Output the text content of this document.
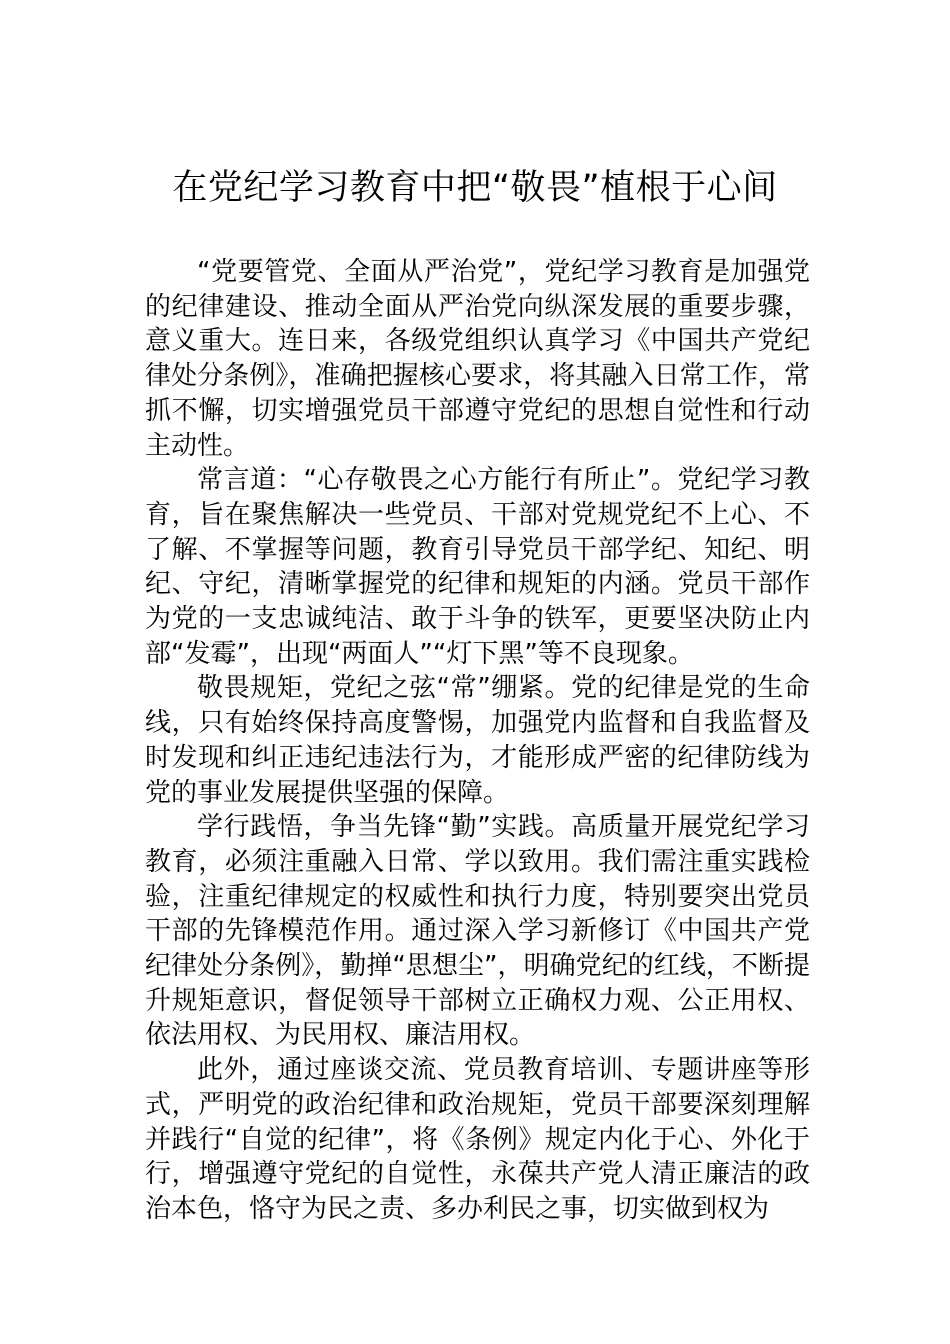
在党纪学习教育中把“敬畏”植根于心间

“党要管党、全面从严治党”，党纪学习教育是加强党的纪律建设、推动全面从严治党向纵深发展的重要步骤，意义重大。连日来，各级党组织认真学习《中国共产党纪律处分条例》，准确把握核心要求，将其融入日常工作，常抓不懈，切实增强党员干部遵守党纪的思想自觉性和行动主动性。

常言道：“心存敬畏之心方能行有所止”。党纪学习教育，旨在聚焦解决一些党员、干部对党规党纪不上心、不了解、不掌握等问题，教育引导党员干部学纪、知纪、明纪、守纪，清晰掌握党的纪律和规矩的内涵。党员干部作为党的一支忠诚纯洁、敢于斗争的铁军，更要坚决防止内部“发霉”，出现“两面人”“灯下黑”等不良现象。

敬畏规矩，党纪之弦“常”绷紧。党的纪律是党的生命线，只有始终保持高度警惕，加强党内监督和自我监督及时发现和纠正违纪违法行为，才能形成严密的纪律防线为党的事业发展提供坚强的保障。

学行践悟，争当先锋“勤”实践。高质量开展党纪学习教育，必须注重融入日常、学以致用。我们需注重实践检验，注重纪律规定的权威性和执行力度，特别要突出党员干部的先锋模范作用。通过深入学习新修订《中国共产党纪律处分条例》，勤掸“思想尘”，明确党纪的红线，不断提升规矩意识，督促领导干部树立正确权力观、公正用权、依法用权、为民用权、廉洁用权。

此外，通过座谈交流、党员教育培训、专题讲座等形式，严明党的政治纪律和政治规矩，党员干部要深刻理解并践行“自觉的纪律”，将《条例》规定内化于心、外化于行，增强遵守党纪的自觉性，永葆共产党人清正廉洁的政治本色，恪守为民之责、多办利民之事，切实做到权为
